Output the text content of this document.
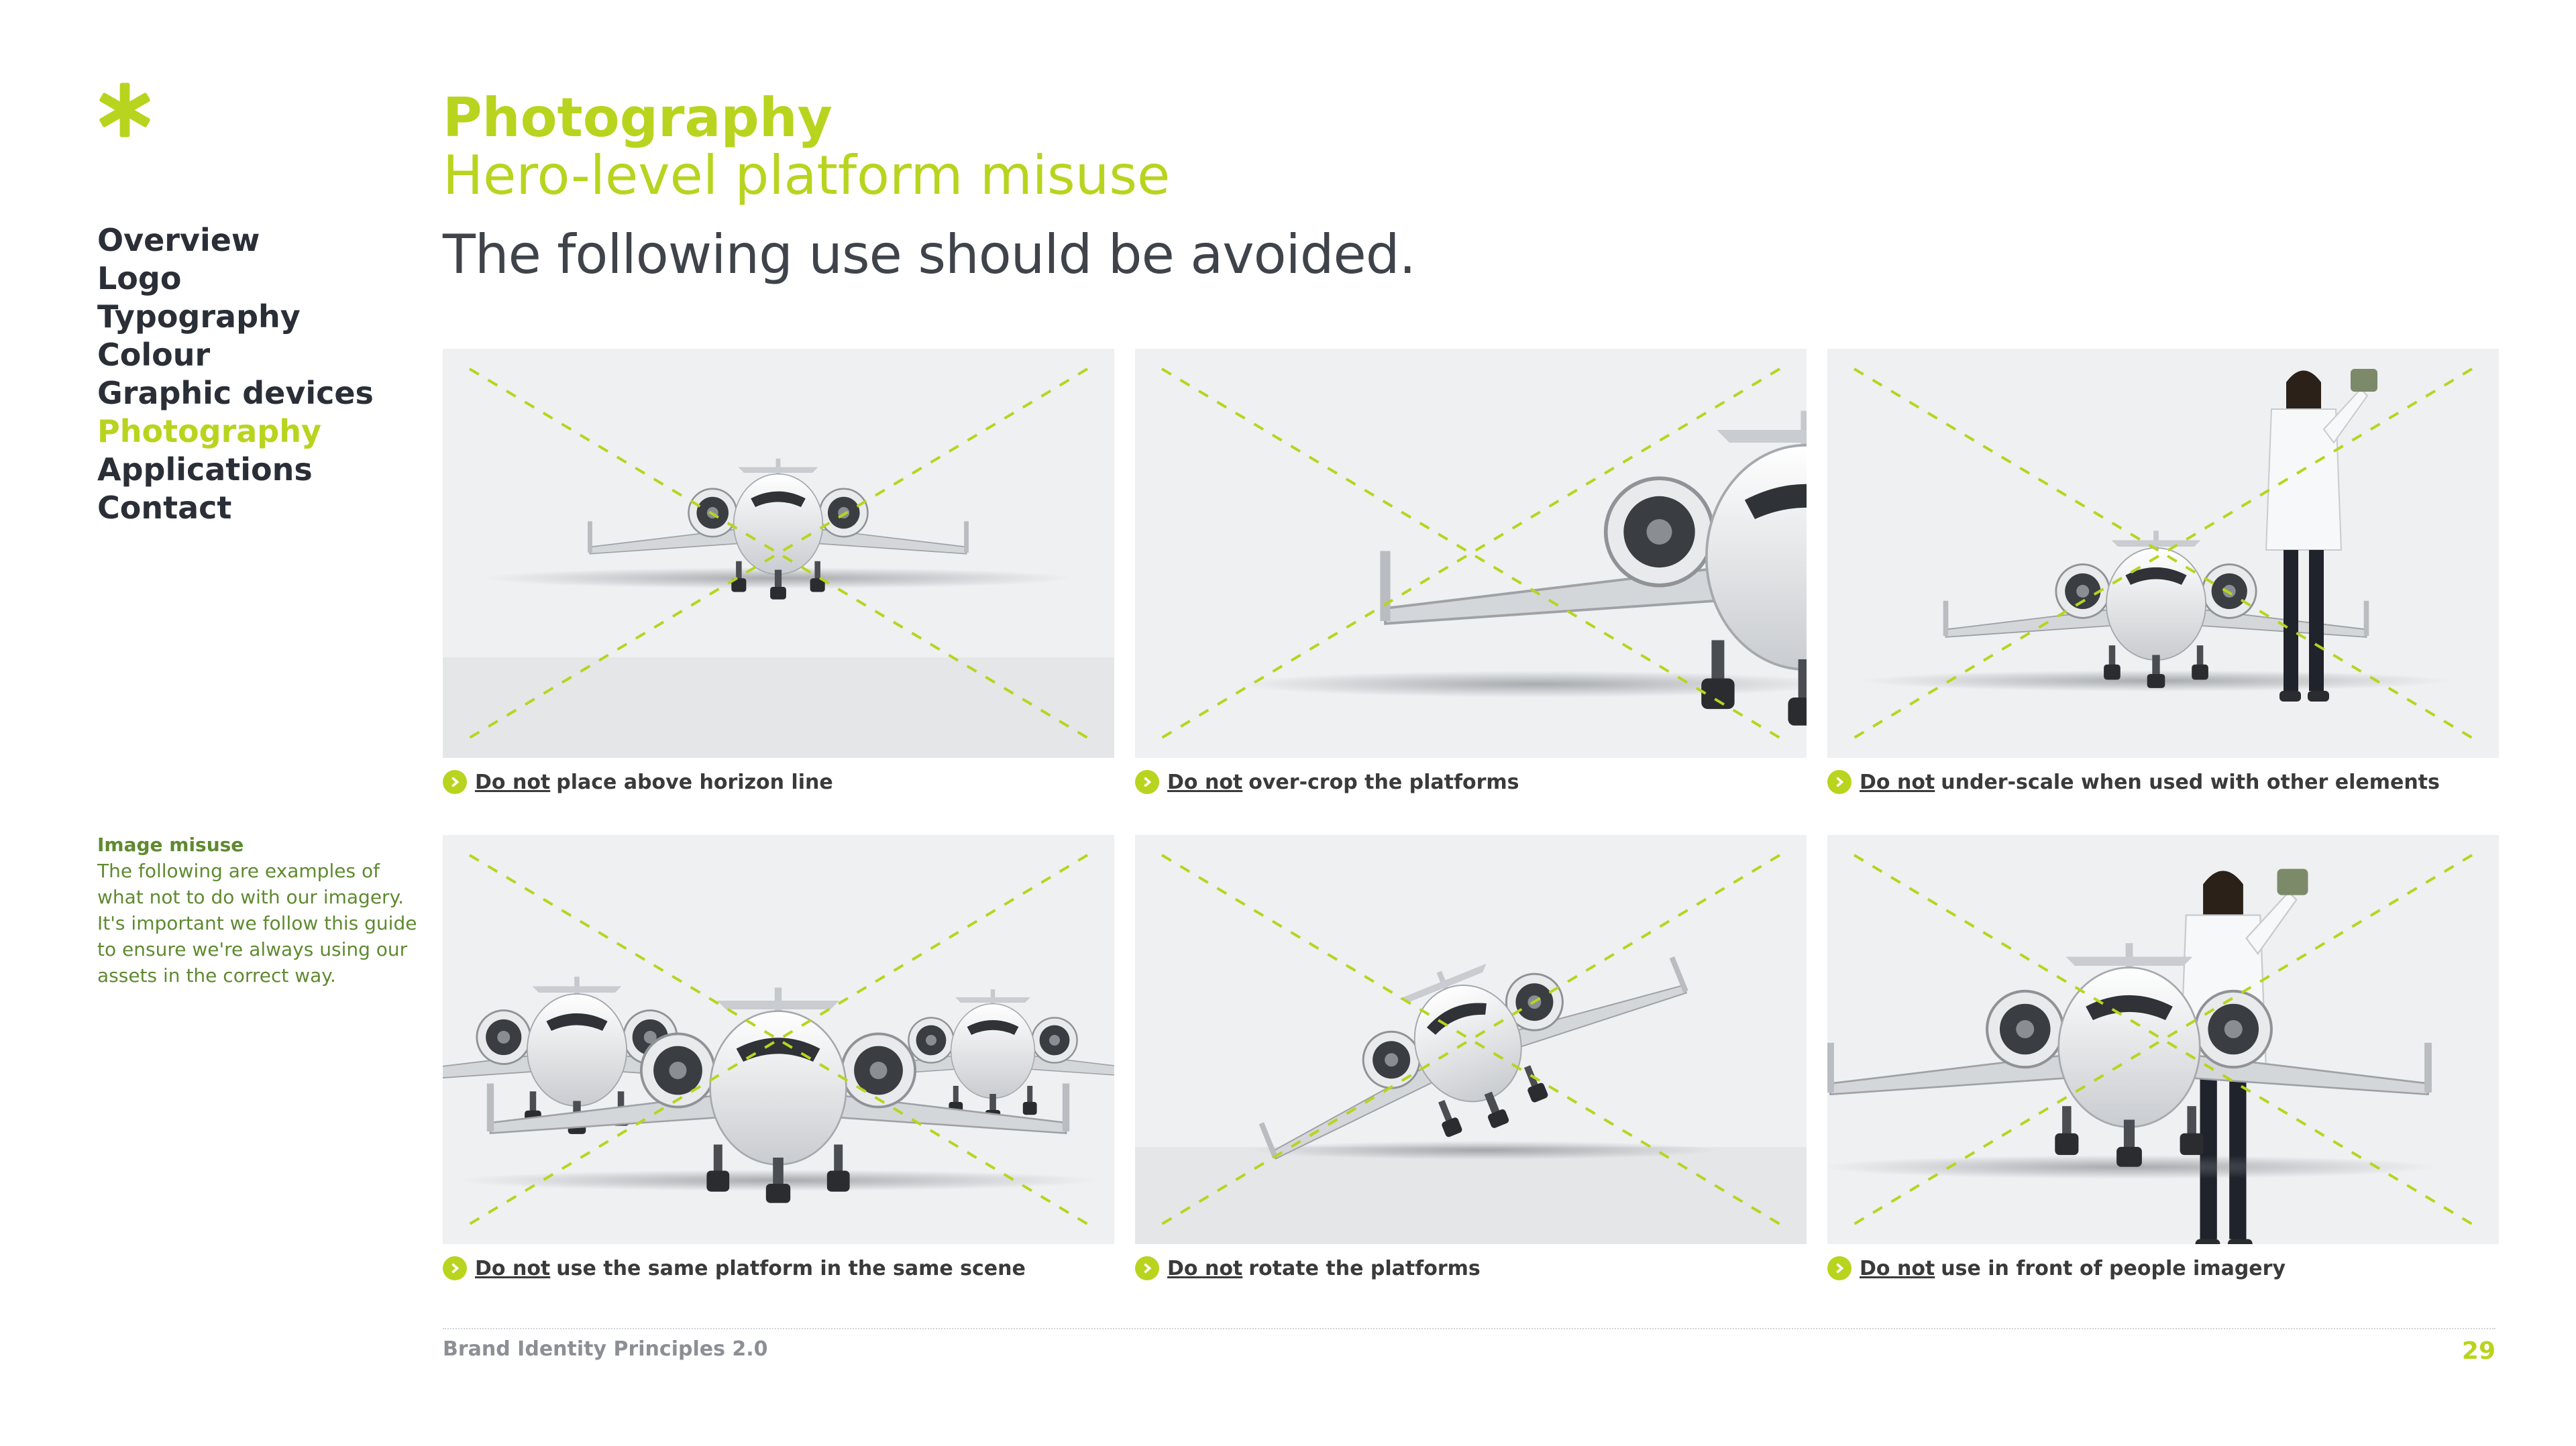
Overview
Logo
Typography
Colour
Graphic devices
Photography
Applications
Contact
Image misuse
The following are examples of what not to do with our imagery. It's important we follow this guide to ensure we're always using our assets in the correct way.
Photography
Hero-level platform misuse
The following use should be avoided.
Do not place above horizon line	Do not over-crop the platforms	Do not under-scale when used with other elements
Do not use the same platform in the same scene	Do not rotate the platforms	Do not use in front of people imagery
Brand Identity Principles 2.0	29
